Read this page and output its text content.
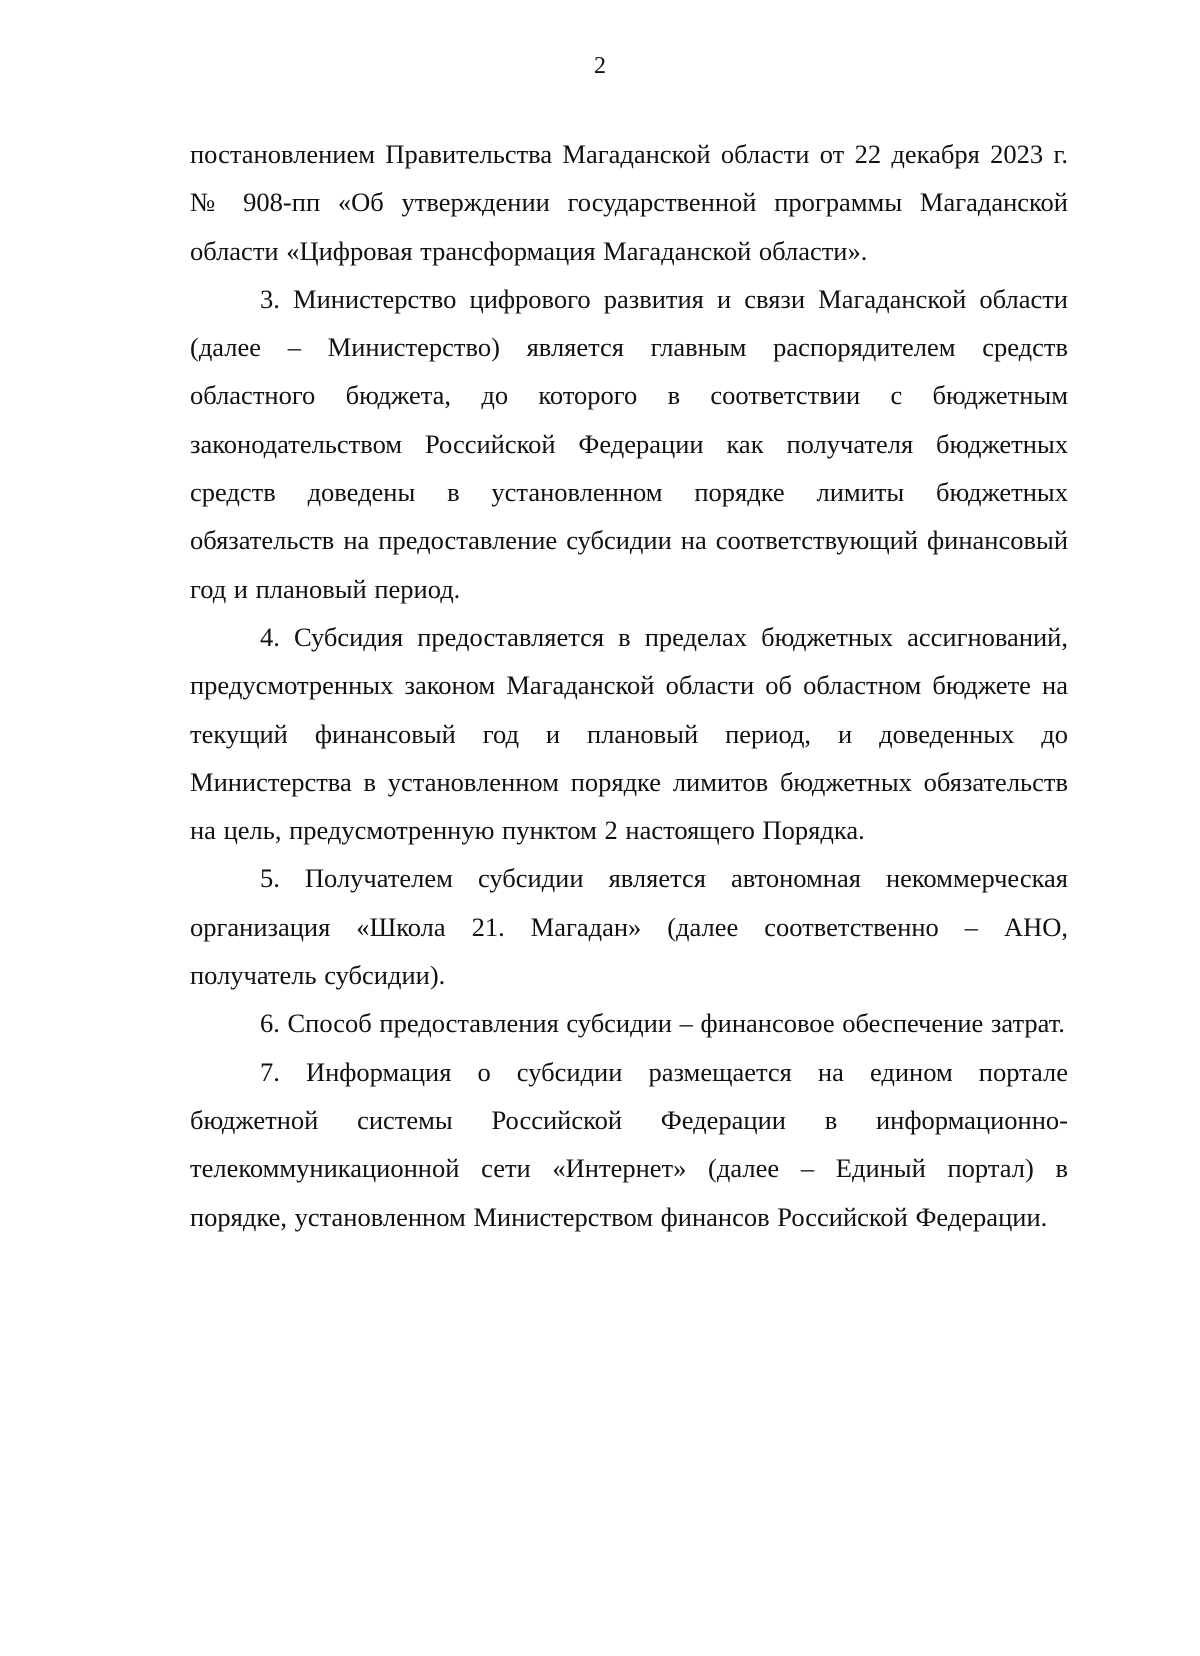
2

постановлением Правительства Магаданской области от 22 декабря 2023 г. № 908-пп «Об утверждении государственной программы Магаданской области «Цифровая трансформация Магаданской области».

3. Министерство цифрового развития и связи Магаданской области (далее – Министерство) является главным распорядителем средств областного бюджета, до которого в соответствии с бюджетным законодательством Российской Федерации как получателя бюджетных средств доведены в установленном порядке лимиты бюджетных обязательств на предоставление субсидии на соответствующий финансовый год и плановый период.

4. Субсидия предоставляется в пределах бюджетных ассигнований, предусмотренных законом Магаданской области об областном бюджете на текущий финансовый год и плановый период, и доведенных до Министерства в установленном порядке лимитов бюджетных обязательств на цель, предусмотренную пунктом 2 настоящего Порядка.

5. Получателем субсидии является автономная некоммерческая организация «Школа 21. Магадан» (далее соответственно – АНО, получатель субсидии).

6. Способ предоставления субсидии – финансовое обеспечение затрат.

7. Информация о субсидии размещается на едином портале бюджетной системы Российской Федерации в информационно-телекоммуникационной сети «Интернет» (далее – Единый портал) в порядке, установленном Министерством финансов Российской Федерации.
